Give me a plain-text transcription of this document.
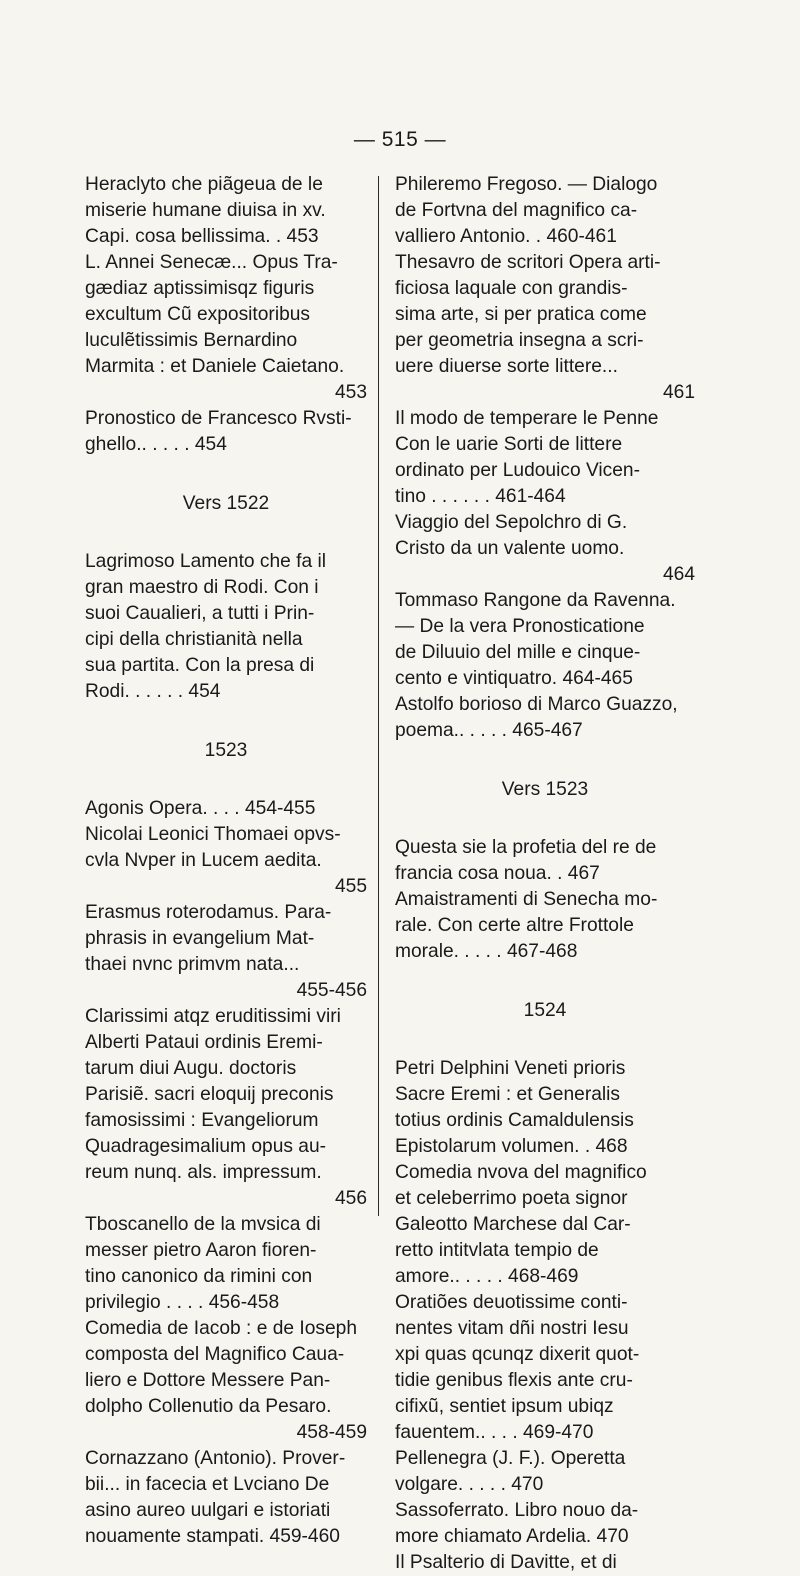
— 515 —

Heraclyto che piãgeua de le
miserie humane diuisa in xv.
Capi. cosa bellissima. . 453

L. Annei Senecæ... Opus Tra-
gædiaz aptissimisqz figuris
excultum Cũ expositoribus
luculẽtissimis Bernardino
Marmita : et Daniele Caietano.
453

Pronostico de Francesco Rvsti-
ghello.. . . . . 454

Vers 1522

Lagrimoso Lamento che fa il
gran maestro di Rodi. Con i
suoi Caualieri, a tutti i Prin-
cipi della christianità nella
sua partita. Con la presa di
Rodi. . . . . . 454

1523

Agonis Opera. . . . 454-455

Nicolai Leonici Thomaei opvs-
cvla Nvper in Lucem aedita.
455

Erasmus roterodamus. Para-
phrasis in evangelium Mat-
thaei nvnc primvm nata...
455-456

Clarissimi atqz eruditissimi viri
Alberti Pataui ordinis Eremi-
tarum diui Augu. doctoris
Parisiẽ. sacri eloquij preconis
famosissimi : Evangeliorum
Quadragesimalium opus au-
reum nunq. als. impressum.
456

Tboscanello de la mvsica di
messer pietro Aaron fioren-
tino canonico da rimini con
privilegio . . . . 456-458

Comedia de Iacob : e de Ioseph
composta del Magnifico Caua-
liero e Dottore Messere Pan-
dolpho Collenutio da Pesaro.
458-459

Cornazzano (Antonio). Prover-
bii... in facecia et Lvciano De
asino aureo uulgari e istoriati
nouamente stampati. 459-460

Phileremo Fregoso. — Dialogo
de Fortvna del magnifico ca-
valliero Antonio. . 460-461

Thesavro de scritori Opera arti-
ficiosa laquale con grandis-
sima arte, si per pratica come
per geometria insegna a scri-
uere diuerse sorte littere...
461

Il modo de temperare le Penne
Con le uarie Sorti de littere
ordinato per Ludouico Vicen-
tino . . . . . . 461-464

Viaggio del Sepolchro di G.
Cristo da un valente uomo.
464

Tommaso Rangone da Ravenna.
— De la vera Pronosticatione
de Diluuio del mille e cinque-
cento e vintiquatro. 464-465

Astolfo borioso di Marco Guazzo,
poema.. . . . . 465-467

Vers 1523

Questa sie la profetia del re de
francia cosa noua. . 467

Amaistramenti di Senecha mo-
rale. Con certe altre Frottole
morale. . . . . 467-468

1524

Petri Delphini Veneti prioris
Sacre Eremi : et Generalis
totius ordinis Camaldulensis
Epistolarum volumen. . 468

Comedia nvova del magnifico
et celeberrimo poeta signor
Galeotto Marchese dal Car-
retto intitvlata tempio de
amore.. . . . . 468-469

Oratiões deuotissime conti-
nentes vitam dñi nostri Iesu
xpi quas qcunqz dixerit quot-
tidie genibus flexis ante cru-
cifixũ, sentiet ipsum ubiqz
fauentem.. . . . 469-470

Pellenegra (J. F.). Operetta
volgare. . . . . 470

Sassoferrato. Libro nouo da-
more chiamato Ardelia. 470

Il Psalterio di Davitte, et di
